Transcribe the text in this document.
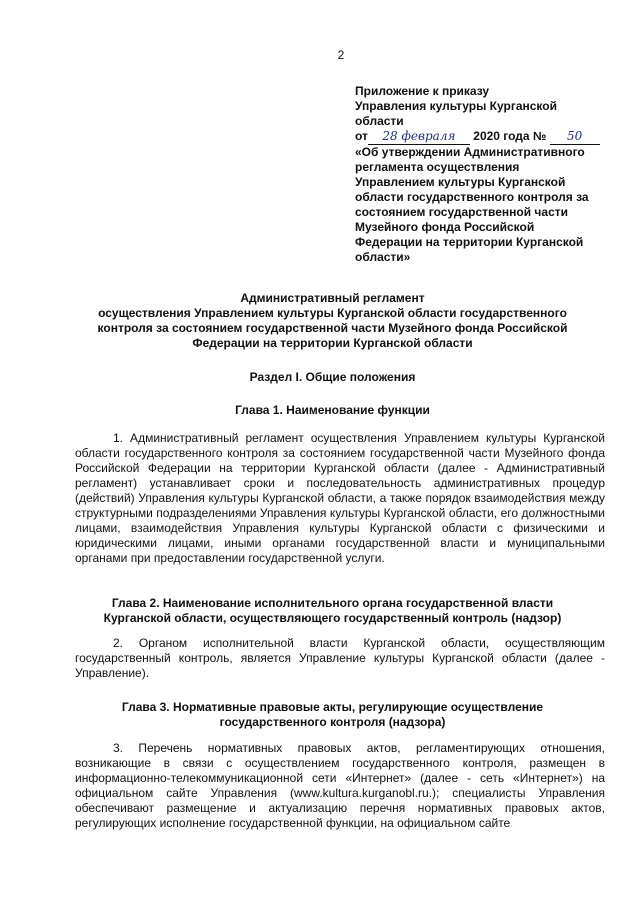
2
Приложение к приказу
Управления культуры Курганской
области
от 28 февраля 2020 года № 50
«Об утверждении Административного
регламента осуществления
Управлением культуры Курганской
области государственного контроля за
состоянием государственной части
Музейного фонда Российской
Федерации на территории Курганской
области»
Административный регламент
осуществления Управлением культуры Курганской области государственного
контроля за состоянием государственной части Музейного фонда Российской
Федерации на территории Курганской области
Раздел I. Общие положения
Глава 1. Наименование функции

1. Административный регламент осуществления Управлением культуры Курганской области государственного контроля за состоянием государственной части Музейного фонда Российской Федерации на территории Курганской области (далее - Административный регламент) устанавливает сроки и последовательность административных процедур (действий) Управления культуры Курганской области, а также порядок взаимодействия между структурными подразделениями Управления культуры Курганской области, его должностными лицами, взаимодействия Управления культуры Курганской области с физическими и юридическими лицами, иными органами государственной власти и муниципальными органами при предоставлении государственной услуги.

Глава 2. Наименование исполнительного органа государственной власти
Курганской области, осуществляющего государственный контроль (надзор)

2. Органом исполнительной власти Курганской области, осуществляющим государственный контроль, является Управление культуры Курганской области (далее - Управление).

Глава 3. Нормативные правовые акты, регулирующие осуществление
государственного контроля (надзора)

3. Перечень нормативных правовых актов, регламентирующих отношения, возникающие в связи с осуществлением государственного контроля, размещен в информационно-телекоммуникационной сети «Интернет» (далее - сеть «Интернет») на официальном сайте Управления (www.kultura.kurganobl.ru.); специалисты Управления обеспечивают размещение и актуализацию перечня нормативных правовых актов, регулирующих исполнение государственной функции, на официальном сайте
